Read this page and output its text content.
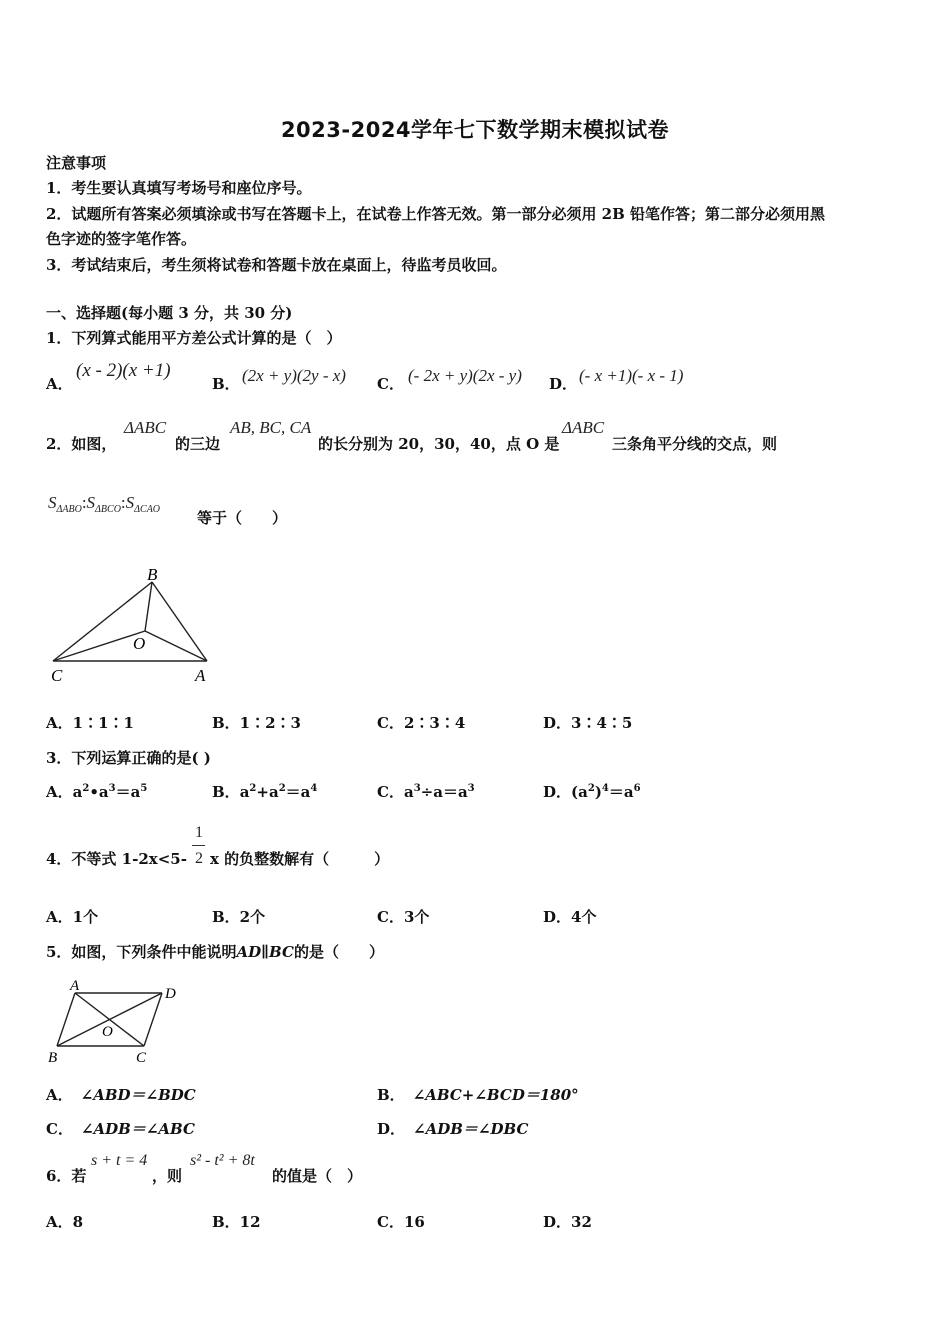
2023-2024学年七下数学期末模拟试卷
注意事项
1．考生要认真填写考场号和座位序号。
2．试题所有答案必须填涂或书写在答题卡上，在试卷上作答无效。第一部分必须用 2B 铅笔作答；第二部分必须用黑
色字迹的签字笔作答。
3．考试结束后，考生须将试卷和答题卡放在桌面上，待监考员收回。
一、选择题(每小题 3 分，共 30 分)
1．下列算式能用平方差公式计算的是（　）
A．
(x - 2)(x +1)
B． (2x + y)(2y - x) C． (- 2x + y)(2x - y) D． (- x +1)(- x - 1)
2．如图，
ΔABC
的三边
AB, BC, CA
的长分别为 20，30，40，点 O 是
ΔABC
三条角平分线的交点，则
$S_{\Delta ABO}:S_{\Delta BCO}:S_{\Delta CAO}$ 等于（　　）
B
O
C	A
A．1∶1∶1	B．1∶2∶3	C．2∶3∶4	D．3∶4∶5
3．下列运算正确的是( )
A．$a^2•a^3=a^5$	B．$a^2+a^2=a^4$	C．$a^3\div a=a^3$	D．$(a^2)^4=a^6$
4．不等式 1-2x<5-
1
2 x 的负整数解有（　　　）
A．1个	B．2个	C．3个	D．4个
5．如图，下列条件中能说明AD∥BC的是（　　）
A	D
O
B	C
A． ∠ABD＝∠BDC	B． ∠ABC+∠BCD＝180°
C． ∠ADB＝∠ABC	D． ∠ADB＝∠DBC
6．若
s + t = 4
，则
s² - t² + 8t
的值是（　）
A．8	B．12	C．16	D．32
